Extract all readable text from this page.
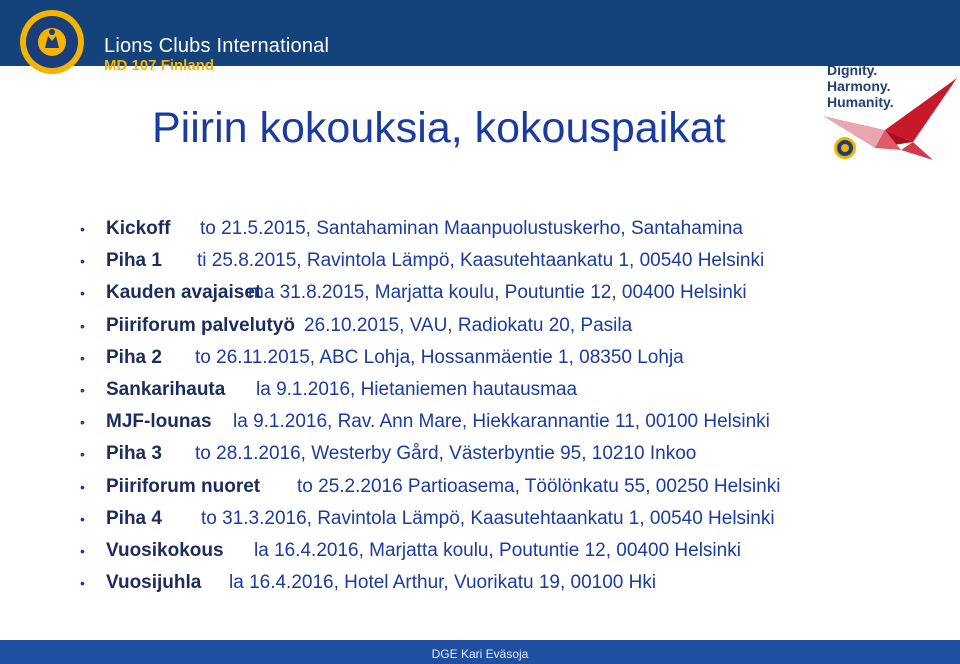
Lions Clubs International
MD 107 Finland	Dignity.
Harmony.
Humanity.
Piirin kokouksia, kokouspaikat
• Kickoff to 21.5.2015, Santahaminan Maanpuolustuskerho, Santahamina
• Piha 1 ti 25.8.2015, Ravintola Lämpö, Kaasutehtaankatu 1, 00540 Helsinki
• Kauden avajaiset
ma 31.8.2015, Marjatta koulu, Poutuntie 12, 00400 Helsinki
• Piiriforum palvelutyö 26.10.2015, VAU, Radiokatu 20, Pasila
• Piha 2 to 26.11.2015, ABC Lohja, Hossanmäentie 1, 08350 Lohja
• Sankarihauta la 9.1.2016, Hietaniemen hautausmaa
• MJF-lounas la 9.1.2016, Rav. Ann Mare, Hiekkarannantie 11, 00100 Helsinki
• Piha 3 to 28.1.2016, Westerby Gård, Västerbyntie 95, 10210 Inkoo
• Piiriforum nuoret to 25.2.2016 Partioasema, Töölönkatu 55, 00250 Helsinki
• Piha 4 to 31.3.2016, Ravintola Lämpö, Kaasutehtaankatu 1, 00540 Helsinki
• Vuosikokous la 16.4.2016, Marjatta koulu, Poutuntie 12, 00400 Helsinki
• Vuosijuhla la 16.4.2016, Hotel Arthur, Vuorikatu 19, 00100 Hki
DGE Kari Eväsoja
